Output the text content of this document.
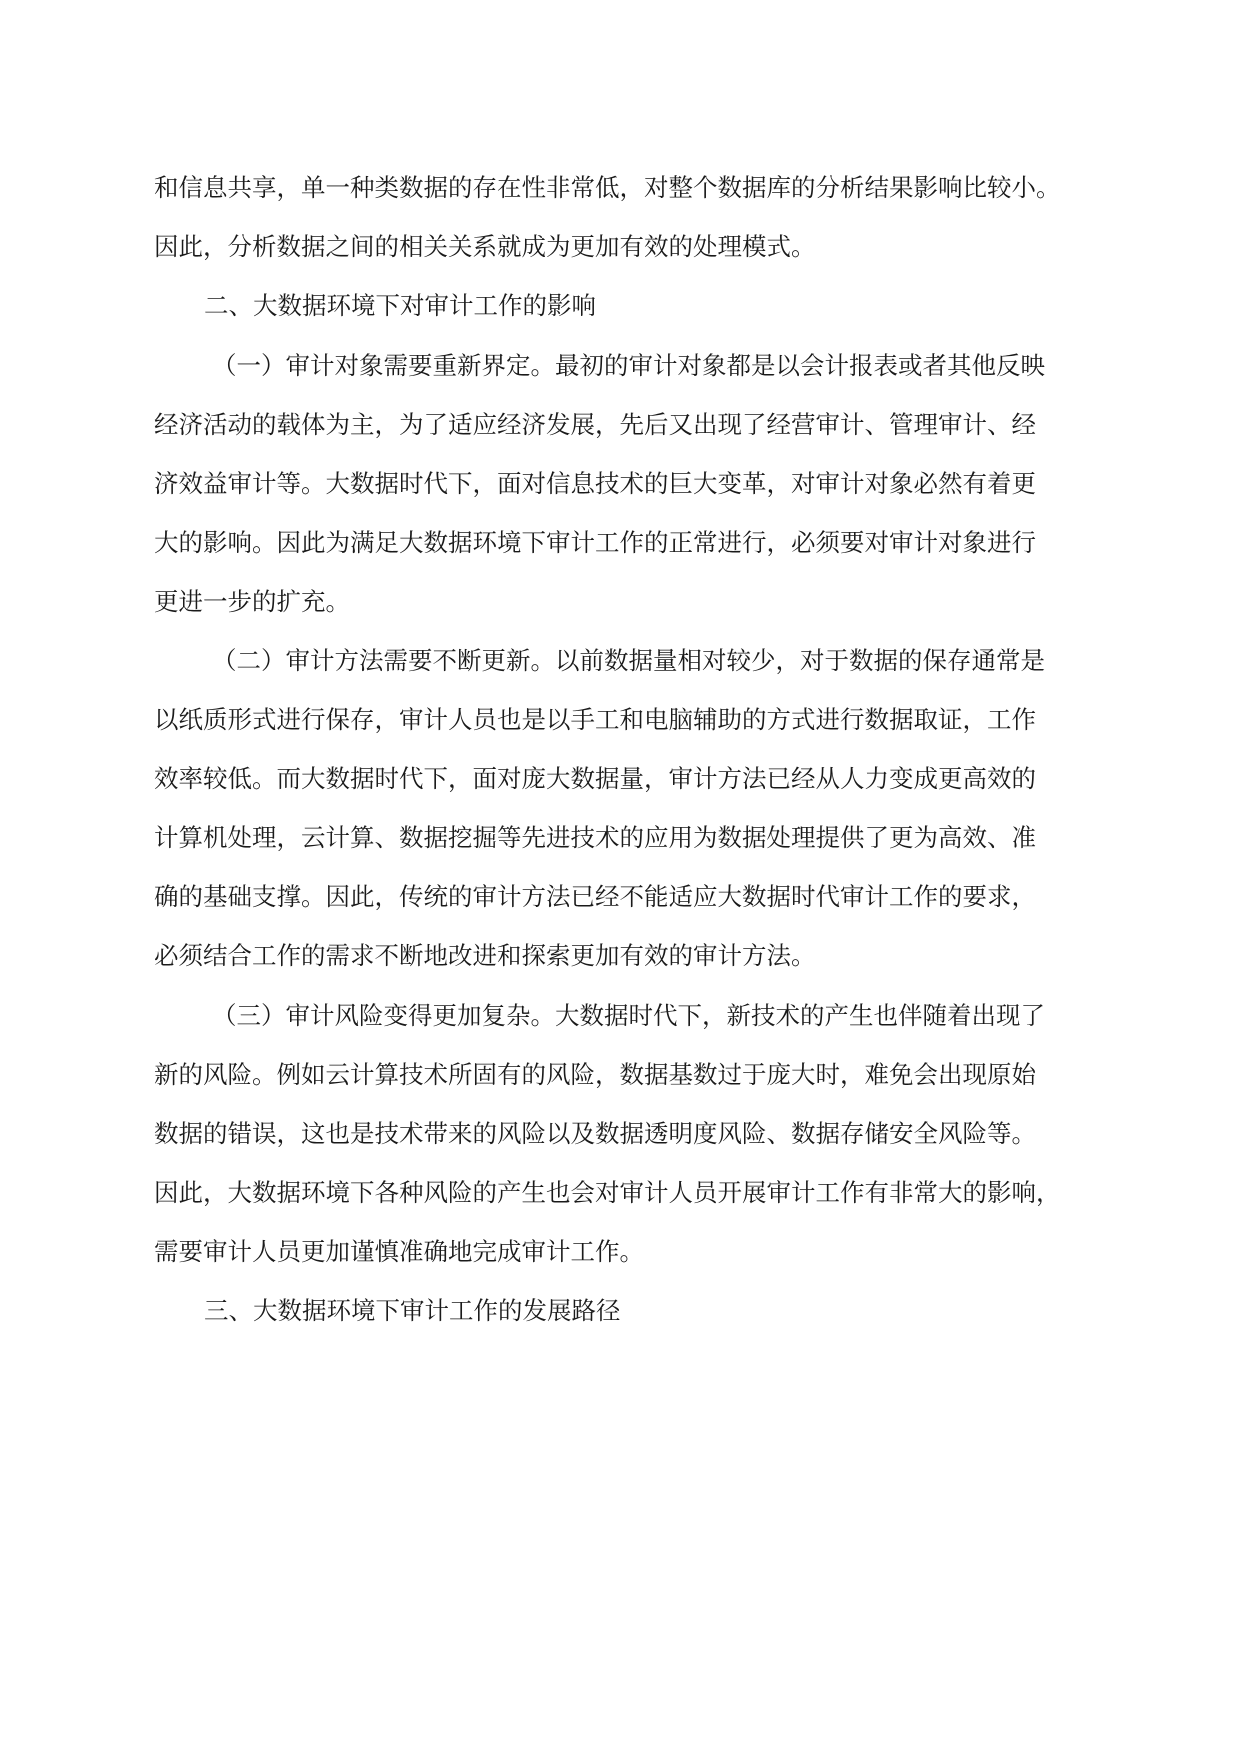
和信息共享，单一种类数据的存在性非常低，对整个数据库的分析结果影响比较小。
因此，分析数据之间的相关关系就成为更加有效的处理模式。
二、大数据环境下对审计工作的影响
（一）审计对象需要重新界定。最初的审计对象都是以会计报表或者其他反映
经济活动的载体为主，为了适应经济发展，先后又出现了经营审计、管理审计、经
济效益审计等。大数据时代下，面对信息技术的巨大变革，对审计对象必然有着更
大的影响。因此为满足大数据环境下审计工作的正常进行，必须要对审计对象进行
更进一步的扩充。
（二）审计方法需要不断更新。以前数据量相对较少，对于数据的保存通常是
以纸质形式进行保存，审计人员也是以手工和电脑辅助的方式进行数据取证，工作
效率较低。而大数据时代下，面对庞大数据量，审计方法已经从人力变成更高效的
计算机处理，云计算、数据挖掘等先进技术的应用为数据处理提供了更为高效、准
确的基础支撑。因此，传统的审计方法已经不能适应大数据时代审计工作的要求，
必须结合工作的需求不断地改进和探索更加有效的审计方法。
（三）审计风险变得更加复杂。大数据时代下，新技术的产生也伴随着出现了
新的风险。例如云计算技术所固有的风险，数据基数过于庞大时，难免会出现原始
数据的错误，这也是技术带来的风险以及数据透明度风险、数据存储安全风险等。
因此，大数据环境下各种风险的产生也会对审计人员开展审计工作有非常大的影响，
需要审计人员更加谨慎准确地完成审计工作。
三、大数据环境下审计工作的发展路径
